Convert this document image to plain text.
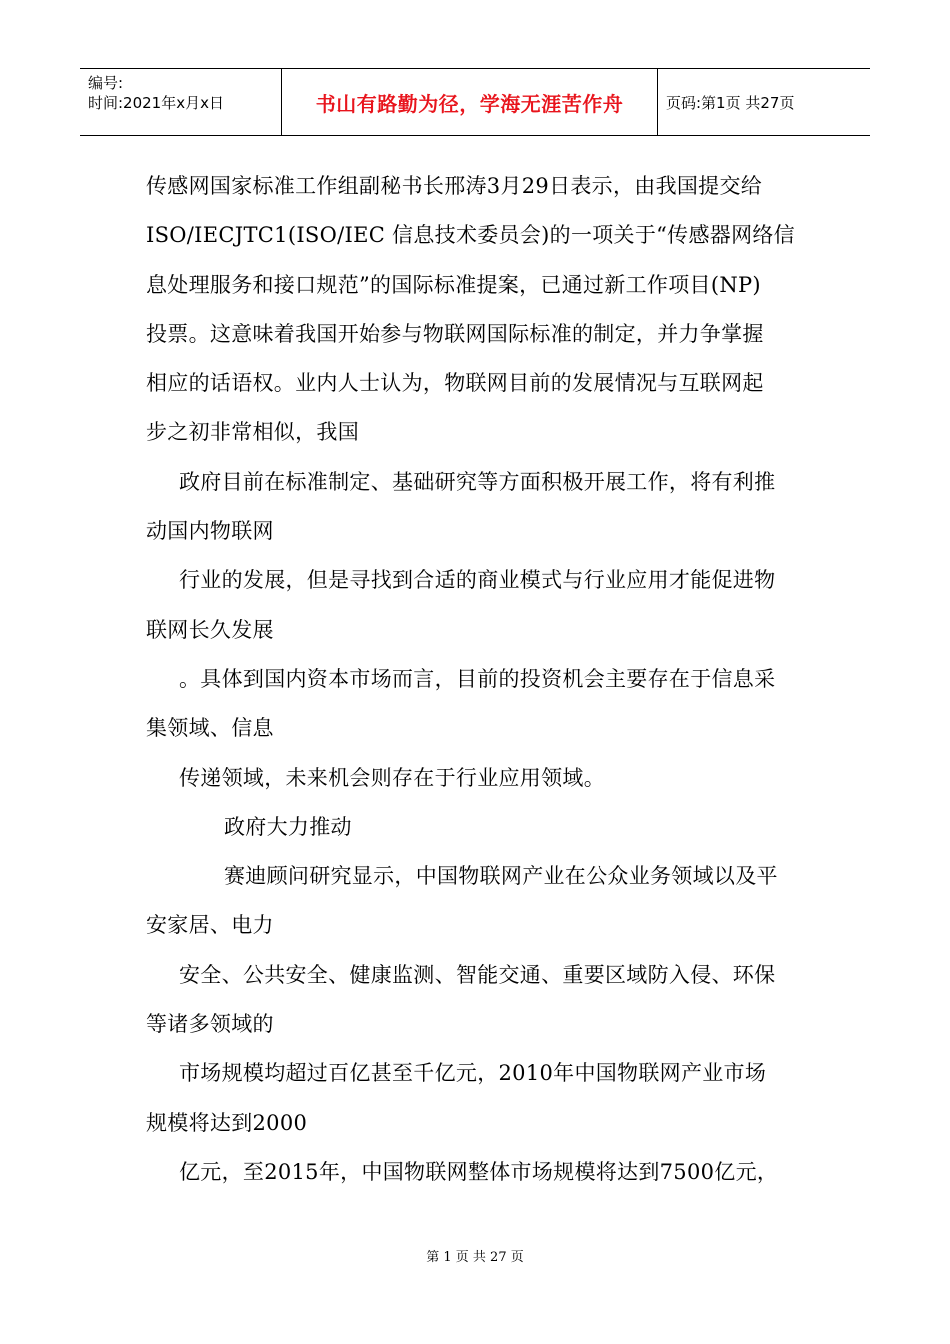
编号:
时间:2021年x月x日	书山有路勤为径，学海无涯苦作舟	页码:第1页 共27页
传感网国家标准工作组副秘书长邢涛3月29日表示，由我国提交给
ISO/IECJTC1(ISO/IEC 信息技术委员会)的一项关于“传感器网络信
息处理服务和接口规范”的国际标准提案，已通过新工作项目(NP)
投票。这意味着我国开始参与物联网国际标准的制定，并力争掌握
相应的话语权。业内人士认为，物联网目前的发展情况与互联网起
步之初非常相似，我国
政府目前在标准制定、基础研究等方面积极开展工作，将有利推
动国内物联网
行业的发展，但是寻找到合适的商业模式与行业应用才能促进物
联网长久发展
。具体到国内资本市场而言，目前的投资机会主要存在于信息采
集领域、信息
传递领域，未来机会则存在于行业应用领域。
政府大力推动
赛迪顾问研究显示，中国物联网产业在公众业务领域以及平
安家居、电力
安全、公共安全、健康监测、智能交通、重要区域防入侵、环保
等诸多领域的
市场规模均超过百亿甚至千亿元，2010年中国物联网产业市场
规模将达到2000
亿元，至2015年，中国物联网整体市场规模将达到7500亿元，
第 1 页 共 27 页
